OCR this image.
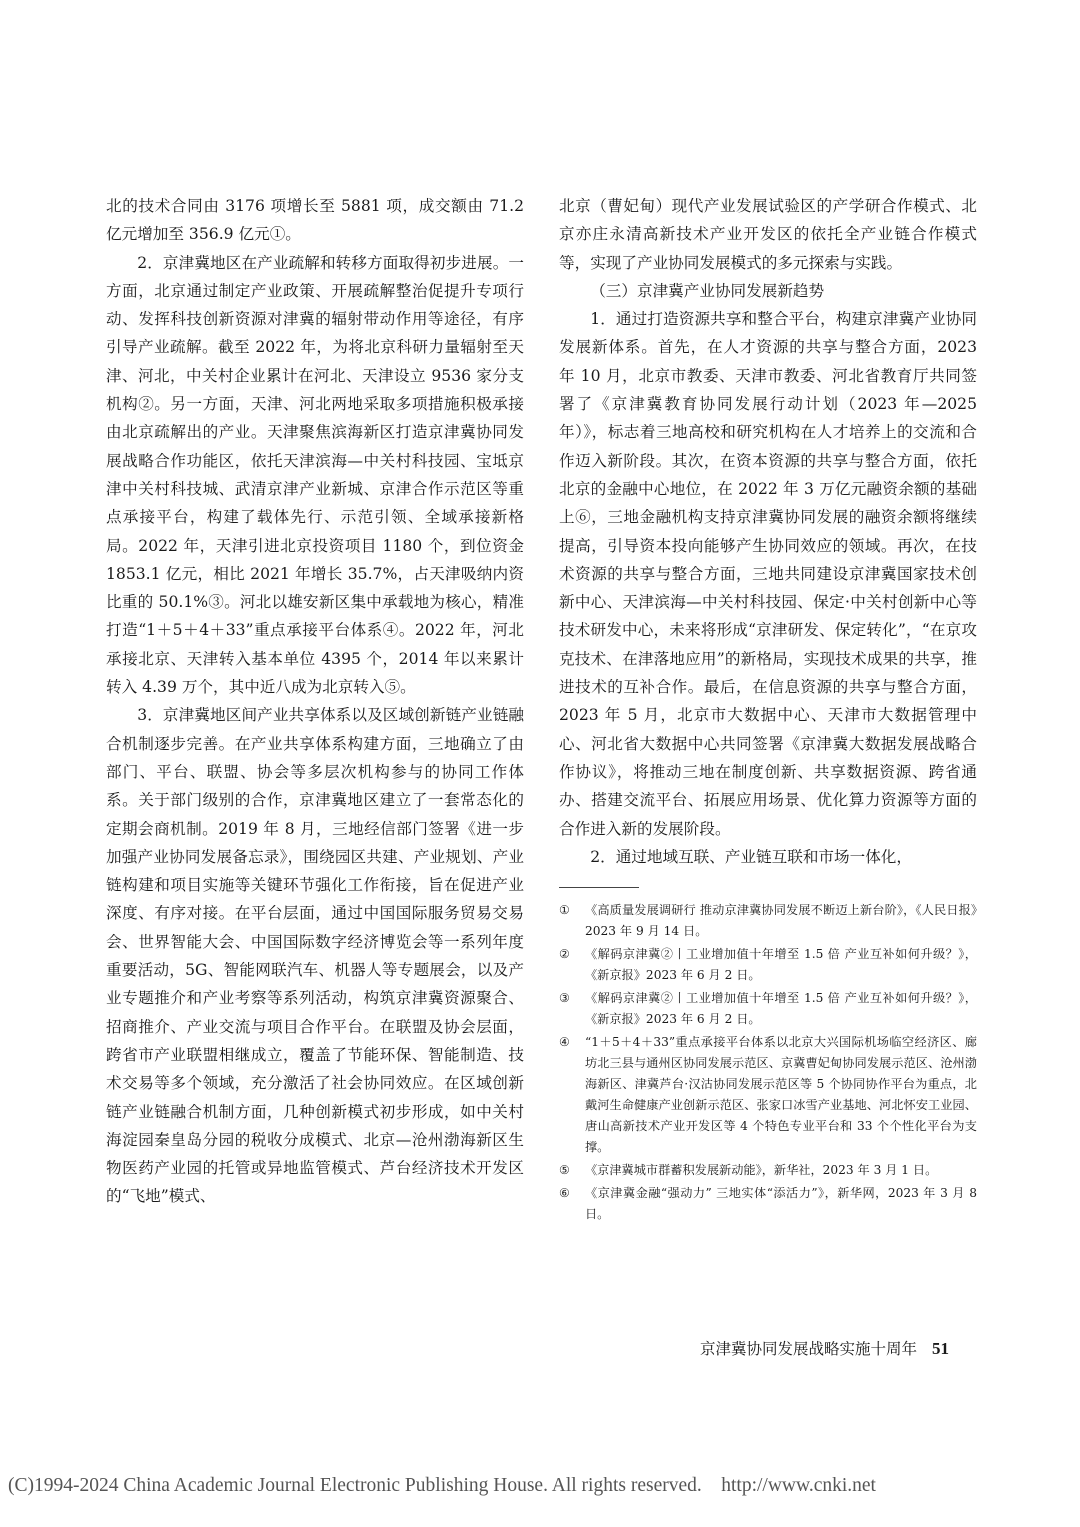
北的技术合同由 3176 项增长至 5881 项，成交额由 71.2 亿元增加至 356.9 亿元①。

2．京津冀地区在产业疏解和转移方面取得初步进展。一方面，北京通过制定产业政策、开展疏解整治促提升专项行动、发挥科技创新资源对津冀的辐射带动作用等途径，有序引导产业疏解。截至 2022 年，为将北京科研力量辐射至天津、河北，中关村企业累计在河北、天津设立 9536 家分支机构②。另一方面，天津、河北两地采取多项措施积极承接由北京疏解出的产业。天津聚焦滨海新区打造京津冀协同发展战略合作功能区，依托天津滨海—中关村科技园、宝坻京津中关村科技城、武清京津产业新城、京津合作示范区等重点承接平台，构建了载体先行、示范引领、全域承接新格局。2022 年，天津引进北京投资项目 1180 个，到位资金 1853.1 亿元，相比 2021 年增长 35.7%，占天津吸纳内资比重的 50.1%③。河北以雄安新区集中承载地为核心，精准打造“1＋5＋4＋33”重点承接平台体系④。2022 年，河北承接北京、天津转入基本单位 4395 个，2014 年以来累计转入 4.39 万个，其中近八成为北京转入⑤。

3．京津冀地区间产业共享体系以及区域创新链产业链融合机制逐步完善。在产业共享体系构建方面，三地确立了由部门、平台、联盟、协会等多层次机构参与的协同工作体系。关于部门级别的合作，京津冀地区建立了一套常态化的定期会商机制。2019 年 8 月，三地经信部门签署《进一步加强产业协同发展备忘录》，围绕园区共建、产业规划、产业链构建和项目实施等关键环节强化工作衔接，旨在促进产业深度、有序对接。在平台层面，通过中国国际服务贸易交易会、世界智能大会、中国国际数字经济博览会等一系列年度重要活动，5G、智能网联汽车、机器人等专题展会，以及产业专题推介和产业考察等系列活动，构筑京津冀资源聚合、招商推介、产业交流与项目合作平台。在联盟及协会层面，跨省市产业联盟相继成立，覆盖了节能环保、智能制造、技术交易等多个领域，充分激活了社会协同效应。在区域创新链产业链融合机制方面，几种创新模式初步形成，如中关村海淀园秦皇岛分园的税收分成模式、北京—沧州渤海新区生物医药产业园的托管或异地监管模式、芦台经济技术开发区的“飞地”模式、

北京（曹妃甸）现代产业发展试验区的产学研合作模式、北京亦庄永清高新技术产业开发区的依托全产业链合作模式等，实现了产业协同发展模式的多元探索与实践。

（三）京津冀产业协同发展新趋势

1．通过打造资源共享和整合平台，构建京津冀产业协同发展新体系。首先，在人才资源的共享与整合方面，2023 年 10 月，北京市教委、天津市教委、河北省教育厅共同签署了《京津冀教育协同发展行动计划（2023 年—2025 年）》，标志着三地高校和研究机构在人才培养上的交流和合作迈入新阶段。其次，在资本资源的共享与整合方面，依托北京的金融中心地位，在 2022 年 3 万亿元融资余额的基础上⑥，三地金融机构支持京津冀协同发展的融资余额将继续提高，引导资本投向能够产生协同效应的领域。再次，在技术资源的共享与整合方面，三地共同建设京津冀国家技术创新中心、天津滨海—中关村科技园、保定·中关村创新中心等技术研发中心，未来将形成“京津研发、保定转化”，“在京攻克技术、在津落地应用”的新格局，实现技术成果的共享，推进技术的互补合作。最后，在信息资源的共享与整合方面，2023 年 5 月，北京市大数据中心、天津市大数据管理中心、河北省大数据中心共同签署《京津冀大数据发展战略合作协议》，将推动三地在制度创新、共享数据资源、跨省通办、搭建交流平台、拓展应用场景、优化算力资源等方面的合作进入新的发展阶段。

2．通过地域互联、产业链互联和市场一体化，

①	《高质量发展调研行 推动京津冀协同发展不断迈上新台阶》，《人民日报》2023 年 9 月 14 日。
②	《解码京津冀②丨工业增加值十年增至 1.5 倍 产业互补如何升级？》，《新京报》2023 年 6 月 2 日。
③	《解码京津冀②丨工业增加值十年增至 1.5 倍 产业互补如何升级？》，《新京报》2023 年 6 月 2 日。
④	“1＋5＋4＋33”重点承接平台体系以北京大兴国际机场临空经济区、廊坊北三县与通州区协同发展示范区、京冀曹妃甸协同发展示范区、沧州渤海新区、津冀芦台·汉沽协同发展示范区等 5 个协同协作平台为重点，北戴河生命健康产业创新示范区、张家口冰雪产业基地、河北怀安工业园、唐山高新技术产业开发区等 4 个特色专业平台和 33 个个性化平台为支撑。
⑤	《京津冀城市群蓄积发展新动能》，新华社，2023 年 3 月 1 日。
⑥	《京津冀金融“强动力” 三地实体“添活力”》，新华网，2023 年 3 月 8 日。
京津冀协同发展战略实施十周年 51
(C)1994-2024 China Academic Journal Electronic Publishing House. All rights reserved.    http://www.cnki.net
